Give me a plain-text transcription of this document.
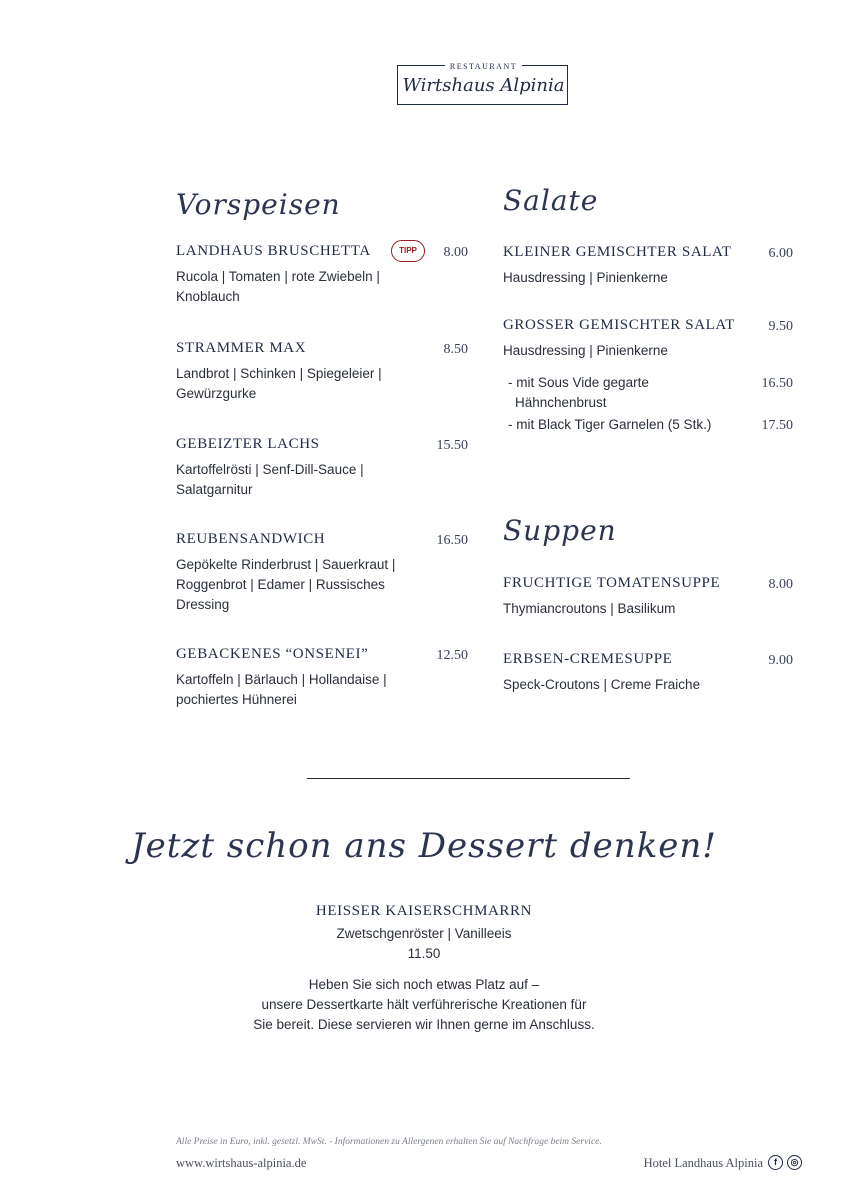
RESTAURANT
Wirtshaus Alpinia
Vorspeisen
LANDHAUS BRUSCHETTA	TIPP	8.00
Rucola | Tomaten | rote Zwiebeln |
Knoblauch
STRAMMER MAX	8.50
Landbrot | Schinken | Spiegeleier |
Gewürzgurke
GEBEIZTER LACHS	15.50
Kartoffelrösti | Senf-Dill-Sauce |
Salatgarnitur
REUBENSANDWICH	16.50
Gepökelte Rinderbrust | Sauerkraut |
Roggenbrot | Edamer | Russisches
Dressing
GEBACKENES “ONSENEI”	12.50
Kartoffeln | Bärlauch | Hollandaise |
pochiertes Hühnerei
Salate
KLEINER GEMISCHTER SALAT	6.00
Hausdressing | Pinienkerne
GROSSER GEMISCHTER SALAT 9.50
Hausdressing | Pinienkerne
- mit Sous Vide gegarte
Hähnchenbrust
16.50
- mit Black Tiger Garnelen (5 Stk.)	17.50
Suppen
FRUCHTIGE TOMATENSUPPE	8.00
Thymiancroutons | Basilikum
ERBSEN-CREMESUPPE	9.00
Speck-Croutons | Creme Fraiche
Jetzt schon ans Dessert denken!
HEISSER KAISERSCHMARRN
Zwetschgenröster | Vanilleeis
11.50
Heben Sie sich noch etwas Platz auf –
unsere Dessertkarte hält verführerische Kreationen für
Sie bereit. Diese servieren wir Ihnen gerne im Anschluss.
Alle Preise in Euro, inkl. gesetzl. MwSt. - Informationen zu Allergenen erhalten Sie auf Nachfrage beim Service.
www.wirtshaus-alpinia.de	Hotel Landhaus Alpinia	f	◎
